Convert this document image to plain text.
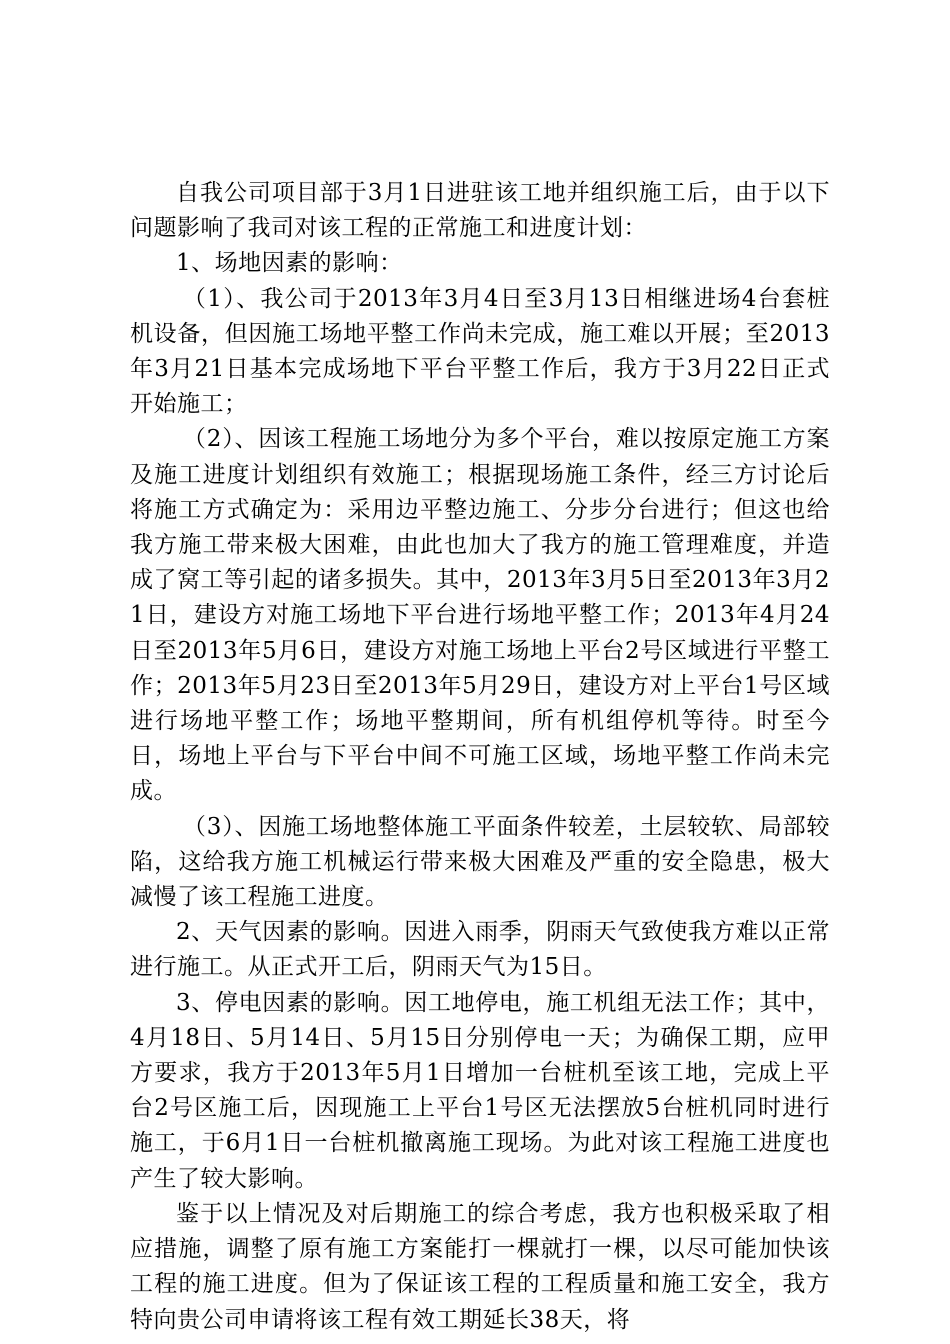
自我公司项目部于3月1日进驻该工地并组织施工后，由于以下问题影响了我司对该工程的正常施工和进度计划：

1、场地因素的影响：

（1）、我公司于2013年3月4日至3月13日相继进场4台套桩机设备，但因施工场地平整工作尚未完成，施工难以开展；至2013年3月21日基本完成场地下平台平整工作后，我方于3月22日正式开始施工；

（2）、因该工程施工场地分为多个平台，难以按原定施工方案及施工进度计划组织有效施工；根据现场施工条件，经三方讨论后将施工方式确定为：采用边平整边施工、分步分台进行；但这也给我方施工带来极大困难，由此也加大了我方的施工管理难度，并造成了窝工等引起的诸多损失。其中，2013年3月5日至2013年3月21日，建设方对施工场地下平台进行场地平整工作；2013年4月24日至2013年5月6日，建设方对施工场地上平台2号区域进行平整工作；2013年5月23日至2013年5月29日，建设方对上平台1号区域进行场地平整工作；场地平整期间，所有机组停机等待。时至今日，场地上平台与下平台中间不可施工区域，场地平整工作尚未完成。

（3）、因施工场地整体施工平面条件较差，土层较软、局部较陷，这给我方施工机械运行带来极大困难及严重的安全隐患，极大减慢了该工程施工进度。

2、天气因素的影响。因进入雨季，阴雨天气致使我方难以正常进行施工。从正式开工后，阴雨天气为15日。

3、停电因素的影响。因工地停电，施工机组无法工作；其中，4月18日、5月14日、5月15日分别停电一天；为确保工期，应甲方要求，我方于2013年5月1日增加一台桩机至该工地，完成上平台2号区施工后，因现施工上平台1号区无法摆放5台桩机同时进行施工，于6月1日一台桩机撤离施工现场。为此对该工程施工进度也产生了较大影响。

鉴于以上情况及对后期施工的综合考虑，我方也积极采取了相应措施，调整了原有施工方案能打一棵就打一棵，以尽可能加快该工程的施工进度。但为了保证该工程的工程质量和施工安全，我方特向贵公司申请将该工程有效工期延长38天，将
